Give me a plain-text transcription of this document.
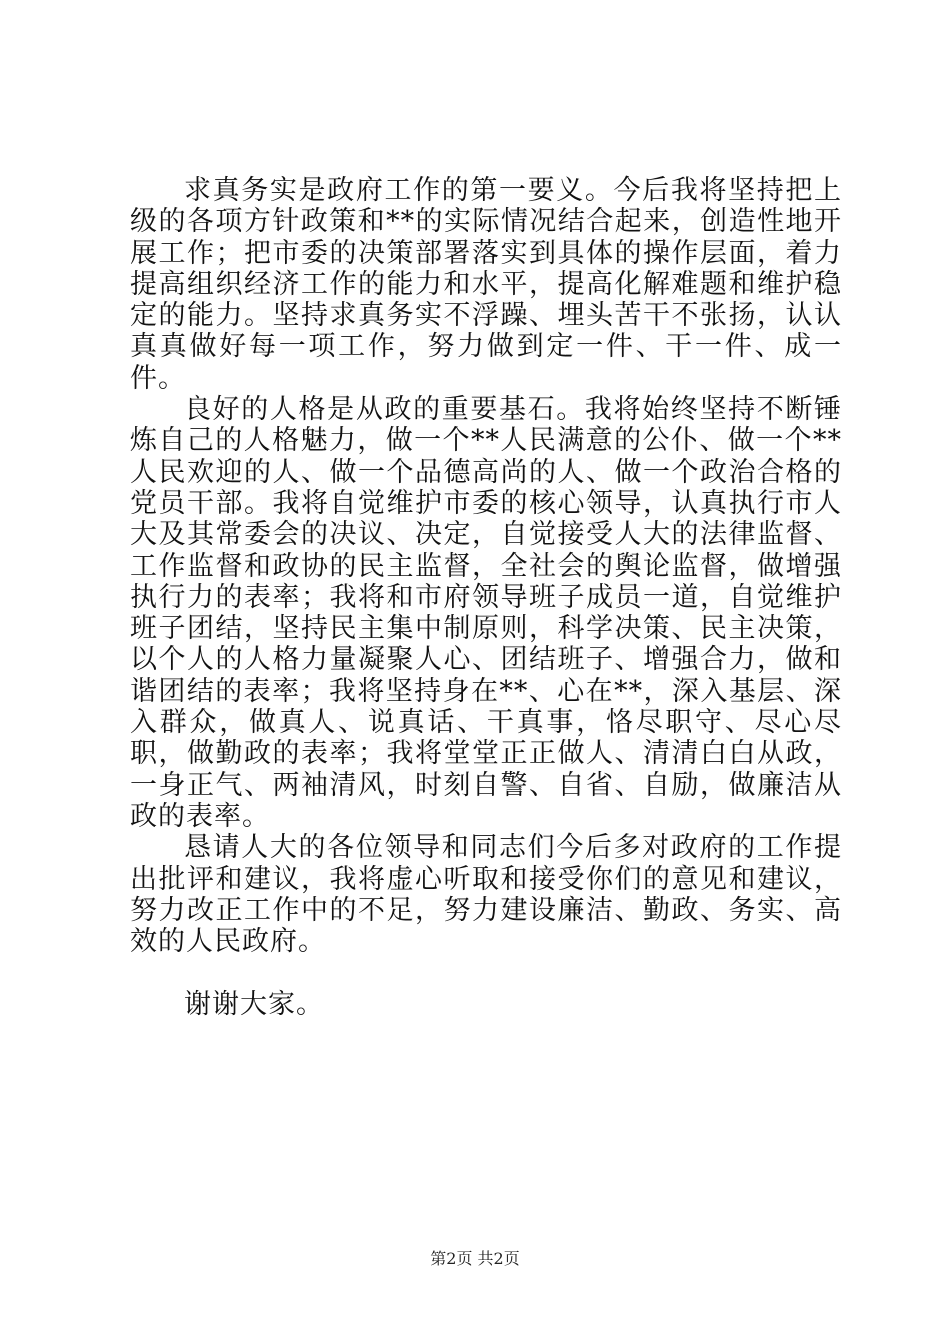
求真务实是政府工作的第一要义。今后我将坚持把上级的各项方针政策和**的实际情况结合起来，创造性地开展工作；把市委的决策部署落实到具体的操作层面，着力提高组织经济工作的能力和水平，提高化解难题和维护稳定的能力。坚持求真务实不浮躁、埋头苦干不张扬，认认真真做好每一项工作，努力做到定一件、干一件、成一件。

良好的人格是从政的重要基石。我将始终坚持不断锤炼自己的人格魅力，做一个**人民满意的公仆、做一个**人民欢迎的人、做一个品德高尚的人、做一个政治合格的党员干部。我将自觉维护市委的核心领导，认真执行市人大及其常委会的决议、决定，自觉接受人大的法律监督、工作监督和政协的民主监督，全社会的舆论监督，做增强执行力的表率；我将和市府领导班子成员一道，自觉维护班子团结，坚持民主集中制原则，科学决策、民主决策，以个人的人格力量凝聚人心、团结班子、增强合力，做和谐团结的表率；我将坚持身在**、心在**，深入基层、深入群众，做真人、说真话、干真事，恪尽职守、尽心尽职，做勤政的表率；我将堂堂正正做人、清清白白从政，一身正气、两袖清风，时刻自警、自省、自励，做廉洁从政的表率。

恳请人大的各位领导和同志们今后多对政府的工作提出批评和建议，我将虚心听取和接受你们的意见和建议，努力改正工作中的不足，努力建设廉洁、勤政、务实、高效的人民政府。

谢谢大家。

第2页 共2页
